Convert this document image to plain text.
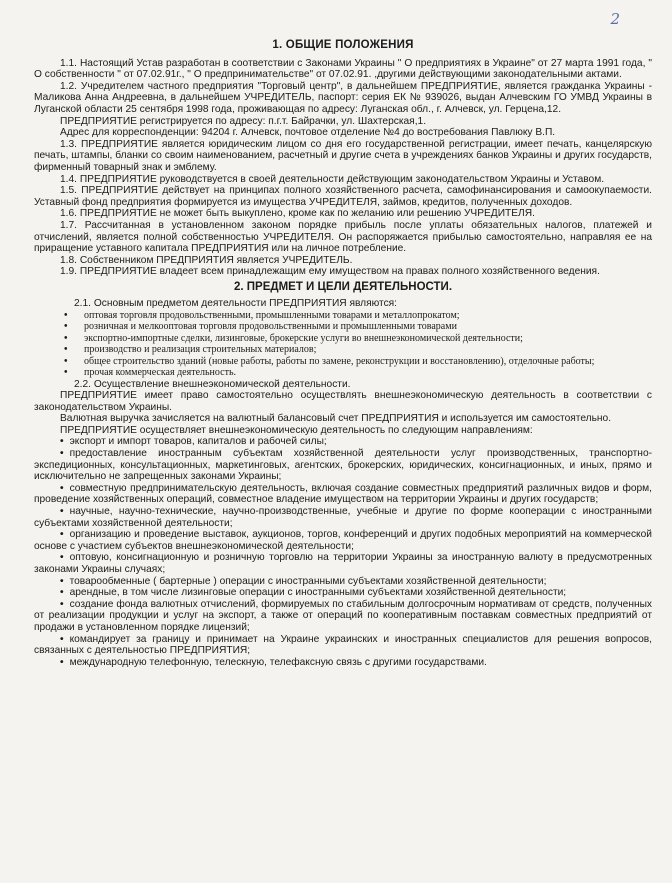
2
1. ОБЩИЕ ПОЛОЖЕНИЯ

1.1. Настоящий Устав разработан в соответствии с Законами Украины " О предприятиях в Украине" от 27 марта 1991 года, " О собственности " от 07.02.91г., " О предпринимательстве" от 07.02.91. ,другими действующими законодательными актами.

1.2. Учредителем частного предприятия "Торговый центр", в дальнейшем ПРЕДПРИЯТИЕ, является гражданка Украины - Маликова Анна Андреевна, в дальнейшем УЧРЕДИТЕЛЬ, паспорт: серия ЕК № 939026, выдан Алчевским ГО УМВД Украины в Луганской области 25 сентября 1998 года, проживающая по адресу: Луганская обл., г. Алчевск, ул. Герцена,12.

ПРЕДПРИЯТИЕ регистрируется по адресу: п.г.т. Байрачки, ул. Шахтерская,1.

Адрес для корреспонденции: 94204 г. Алчевск, почтовое отделение №4 до востребования Павлюку В.П.

1.3. ПРЕДПРИЯТИЕ является юридическим лицом со дня его государственной регистрации, имеет печать, канцелярскую печать, штампы, бланки со своим наименованием, расчетный и другие счета в учреждениях банков Украины и других государств, фирменный товарный знак и эмблему.

1.4. ПРЕДПРИЯТИЕ руководствуется в своей деятельности действующим законодательством Украины и Уставом.

1.5. ПРЕДПРИЯТИЕ действует на принципах полного хозяйственного расчета, самофинансирования и самоокупаемости. Уставный фонд предприятия формируется из имущества УЧРЕДИТЕЛЯ, займов, кредитов, полученных доходов.

1.6. ПРЕДПРИЯТИЕ не может быть выкуплено, кроме как по желанию или решению УЧРЕДИТЕЛЯ.

1.7. Рассчитанная в установленном законом порядке прибыль после уплаты обязательных налогов, платежей и отчислений, является полной собственностью УЧРЕДИТЕЛЯ. Он распоряжается прибылью самостоятельно, направляя ее на приращение уставного капитала ПРЕДПРИЯТИЯ или на личное потребление.

1.8. Собственником ПРЕДПРИЯТИЯ является УЧРЕДИТЕЛЬ.

1.9. ПРЕДПРИЯТИЕ владеет всем принадлежащим ему имуществом на правах полного хозяйственного ведения.

2. ПРЕДМЕТ И ЦЕЛИ ДЕЯТЕЛЬНОСТИ.

2.1. Основным предметом деятельности ПРЕДПРИЯТИЯ являются:

• оптовая торговля продовольственными, промышленными товарами и металлопрокатом;
• розничная и мелкооптовая торговля продовольственными и промышленными товарами
• экспортно-импортные сделки, лизинговые, брокерские услуги во внешнеэкономической деятельности;
• производство и реализация строительных материалов;
• общее строительство зданий (новые работы, работы по замене, реконструкции и восстановлению), отделочные работы;
• прочая коммерческая деятельность.

2.2. Осуществление внешнеэкономической деятельности.

ПРЕДПРИЯТИЕ имеет право самостоятельно осуществлять внешнеэкономическую деятельность в соответствии с законодательством Украины.

Валютная выручка зачисляется на валютный балансовый счет ПРЕДПРИЯТИЯ и используется им самостоятельно.

ПРЕДПРИЯТИЕ осуществляет внешнеэкономическую деятельность по следующим направлениям:

• экспорт и импорт товаров, капиталов и рабочей силы;
• предоставление иностранным субъектам хозяйственной деятельности услуг производственных, транспортно-экспедиционных, консультационных, маркетинговых, агентских, брокерских, юридических, консигнационных, и иных, прямо и исключительно не запрещенных законами Украины;
• совместную предпринимательскую деятельность, включая создание совместных предприятий различных видов и форм, проведение хозяйственных операций, совместное владение имуществом на территории Украины и других государств;
• научные, научно-технические, научно-производственные, учебные и другие по форме кооперации с иностранными субъектами хозяйственной деятельности;
• организацию и проведение выставок, аукционов, торгов, конференций и других подобных мероприятий на коммерческой основе с участием субъектов внешнеэкономической деятельности;
• оптовую, консигнационную и розничную торговлю на территории Украины за иностранную валюту в предусмотренных законами Украины случаях;
• товарообменные ( бартерные ) операции с иностранными субъектами хозяйственной деятельности;
• арендные, в том числе лизинговые операции с иностранными субъектами хозяйственной деятельности;
• создание фонда валютных отчислений, формируемых по стабильным долгосрочным нормативам от средств, полученных от реализации продукции и услуг на экспорт, а также от операций по кооперативным поставкам совместных предприятий от продажи в установленном порядке лицензий;
• командирует за границу и принимает на Украине украинских и иностранных специалистов для решения вопросов, связанных с деятельностью ПРЕДПРИЯТИЯ;
• международную телефонную, телескную, телефаксную связь с другими государствами.
